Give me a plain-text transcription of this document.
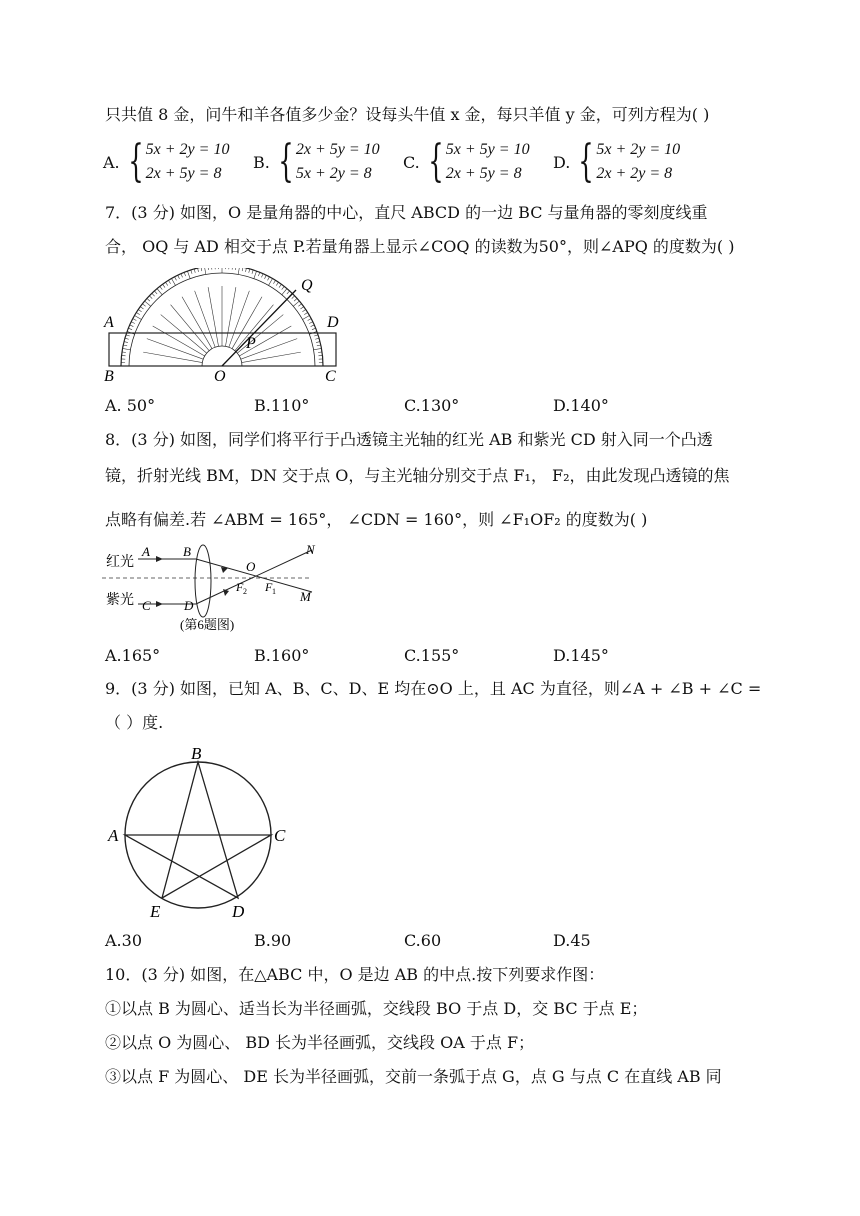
只共值 8 金，问牛和羊各值多少金？设每头牛值 x 金，每只羊值 y 金，可列方程为( )
A. { 5x + 2y = 10
2x + 5y = 8
B. { 2x + 5y = 10
5x + 2y = 8
C. { 5x + 5y = 10
2x + 5y = 8
D. { 5x + 2y = 10
2x + 2y = 8
7．(3 分) 如图，O 是量角器的中心，直尺 ABCD 的一边 BC 与量角器的零刻度线重
合， OQ 与 AD 相交于点 P.若量角器上显示∠COQ 的读数为50°，则∠APQ 的度数为( )
A
B	C
D
O
P
Q
A. 50°	B.110°	C.130°	D.140°
8．(3 分) 如图，同学们将平行于凸透镜主光轴的红光 AB 和紫光 CD 射入同一个凸透
镜，折射光线 BM，DN 交于点 O，与主光轴分别交于点 F₁， F₂，由此发现凸透镜的焦
点略有偏差.若 ∠ABM = 165°， ∠CDN = 160°，则 ∠F₁OF₂ 的度数为( )
红光
紫光
A	B
C	D
O
N
M
F 2 F 1
(第6题图)
A.165°	B.160°	C.155°	D.145°
9．(3 分) 如图，已知 A、B、C、D、E 均在⊙O 上，且 AC 为直径，则∠A + ∠B + ∠C =
（ ）度.
B
A	C
E	D
A.30	B.90	C.60	D.45
10．(3 分) 如图，在△ABC 中，O 是边 AB 的中点.按下列要求作图：
①以点 B 为圆心、适当长为半径画弧，交线段 BO 于点 D，交 BC 于点 E；
②以点 O 为圆心、 BD 长为半径画弧，交线段 OA 于点 F；
③以点 F 为圆心、 DE 长为半径画弧，交前一条弧于点 G，点 G 与点 C 在直线 AB 同
